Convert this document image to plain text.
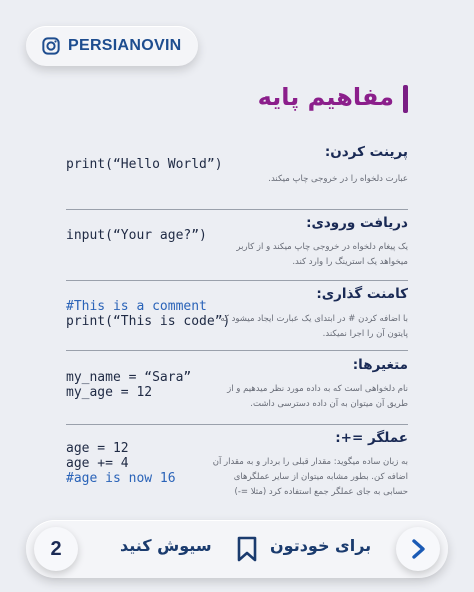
PERSIANOVIN
مفاهیم پایه
پرینت کردن:
print(“Hello World”)
عبارت دلخواه را در خروجی چاپ میکند.
دریافت ورودی:
input(“Your age?”)
یک پیغام دلخواه در خروجی چاپ میکند و از کاربر میخواهد یک استرینگ را وارد کند.
کامنت گذاری:
#This is a comment
print(“This is code”)
با اضافه کردن # در ابتدای یک عبارت ایجاد میشود که پایتون آن را اجرا نمیکند.
متغیرها:
my_name = “Sara”
my_age = 12	نام دلخواهی است که به داده مورد نظر میدهیم و از طریق آن میتوان به آن داده دسترسی داشت.
عملگر =+:
age = 12
age += 4
#age is now 16
به زبان ساده میگوید: مقدار قبلی را بردار و به مقدار آن اضافه کن. بطور مشابه میتوان از سایر عملگرهای حسابی به جای عملگر جمع استفاده کرد (مثلا =-)
2	سیوش کنید	برای خودتون
